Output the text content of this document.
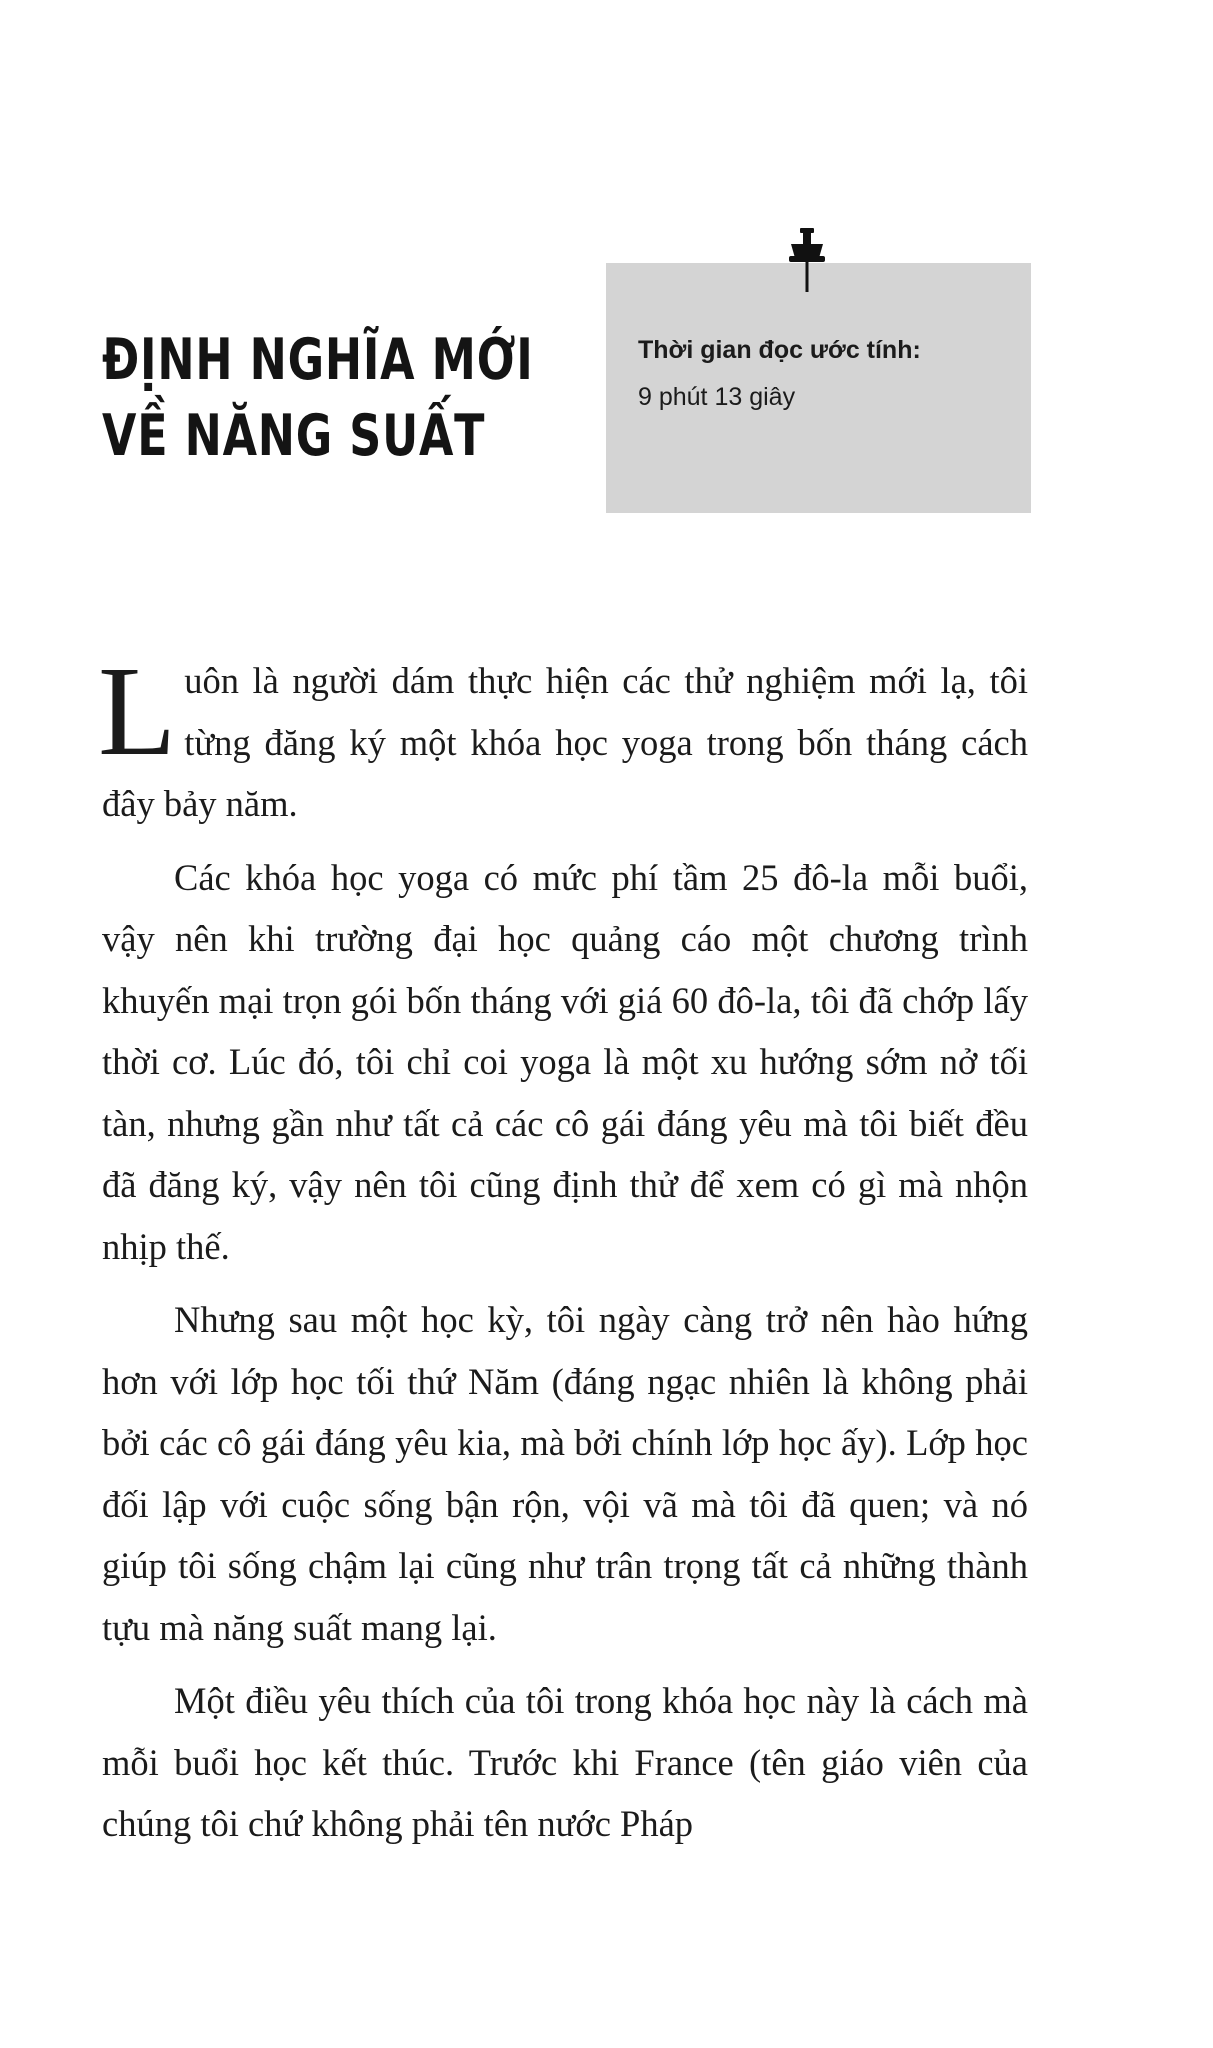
ĐỊNH NGHĨA MỚI
VỀ NĂNG SUẤT
Thời gian đọc ước tính:
9 phút 13 giây

Luôn là người dám thực hiện các thử nghiệm mới lạ, tôi từng đăng ký một khóa học yoga trong bốn tháng cách đây bảy năm.

Các khóa học yoga có mức phí tầm 25 đô-la mỗi buổi, vậy nên khi trường đại học quảng cáo một chương trình khuyến mại trọn gói bốn tháng với giá 60 đô-la, tôi đã chớp lấy thời cơ. Lúc đó, tôi chỉ coi yoga là một xu hướng sớm nở tối tàn, nhưng gần như tất cả các cô gái đáng yêu mà tôi biết đều đã đăng ký, vậy nên tôi cũng định thử để xem có gì mà nhộn nhịp thế.

Nhưng sau một học kỳ, tôi ngày càng trở nên hào hứng hơn với lớp học tối thứ Năm (đáng ngạc nhiên là không phải bởi các cô gái đáng yêu kia, mà bởi chính lớp học ấy). Lớp học đối lập với cuộc sống bận rộn, vội vã mà tôi đã quen; và nó giúp tôi sống chậm lại cũng như trân trọng tất cả những thành tựu mà năng suất mang lại.

Một điều yêu thích của tôi trong khóa học này là cách mà mỗi buổi học kết thúc. Trước khi France (tên giáo viên của chúng tôi chứ không phải tên nước Pháp
